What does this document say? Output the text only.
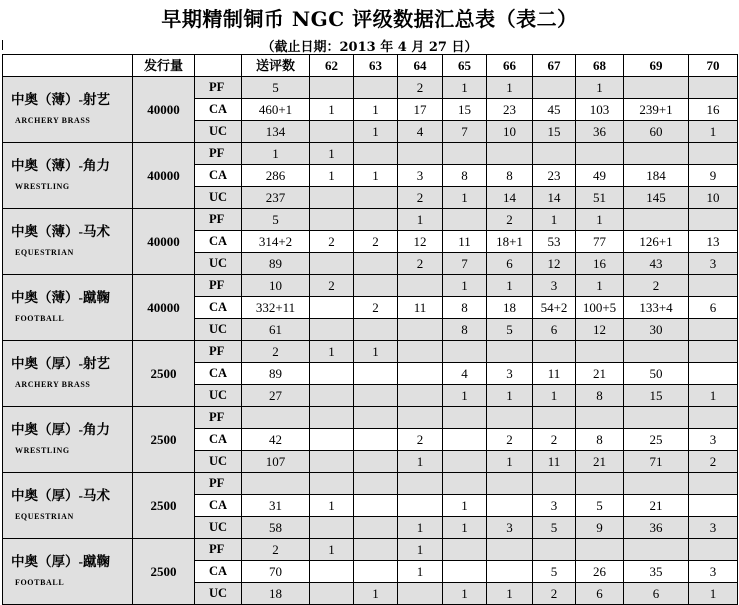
早期精制铜币 NGC 评级数据汇总表（表二）
（截止日期：2013 年 4 月 27 日）
	发行量		送评数	62	63	64	65	66	67	68	69	70

中奥（薄）-射艺
ARCHERY BRASS	40000	PF	5			2	1	1		1		
		CA	460+1	1	1	17	15	23	45	103	239+1	16
		UC	134		1	4	7	10	15	36	60	1

中奥（薄）-角力
WRESTLING	40000	PF	1	1								
		CA	286	1	1	3	8	8	23	49	184	9
		UC	237			2	1	14	14	51	145	10

中奥（薄）-马术
EQUESTRIAN	40000	PF	5			1		2	1	1		
		CA	314+2	2	2	12	11	18+1	53	77	126+1	13
		UC	89			2	7	6	12	16	43	3

中奥（薄）-蹴鞠
FOOTBALL	40000	PF	10	2			1	1	3	1	2	
		CA	332+11		2	11	8	18	54+2	100+5	133+4	6
		UC	61				8	5	6	12	30	

中奥（厚）-射艺
ARCHERY BRASS	2500	PF	2	1	1							
		CA	89				4	3	11	21	50	
		UC	27				1	1	1	8	15	1

中奥（厚）-角力
WRESTLING	2500	PF										
		CA	42			2		2	2	8	25	3
		UC	107			1		1	11	21	71	2

中奥（厚）-马术
EQUESTRIAN	2500	PF										
		CA	31	1			1		3	5	21	
		UC	58			1	1	3	5	9	36	3

中奥（厚）-蹴鞠
FOOTBALL	2500	PF	2	1		1						
		CA	70			1			5	26	35	3
		UC	18		1		1	1	2	6	6	1
